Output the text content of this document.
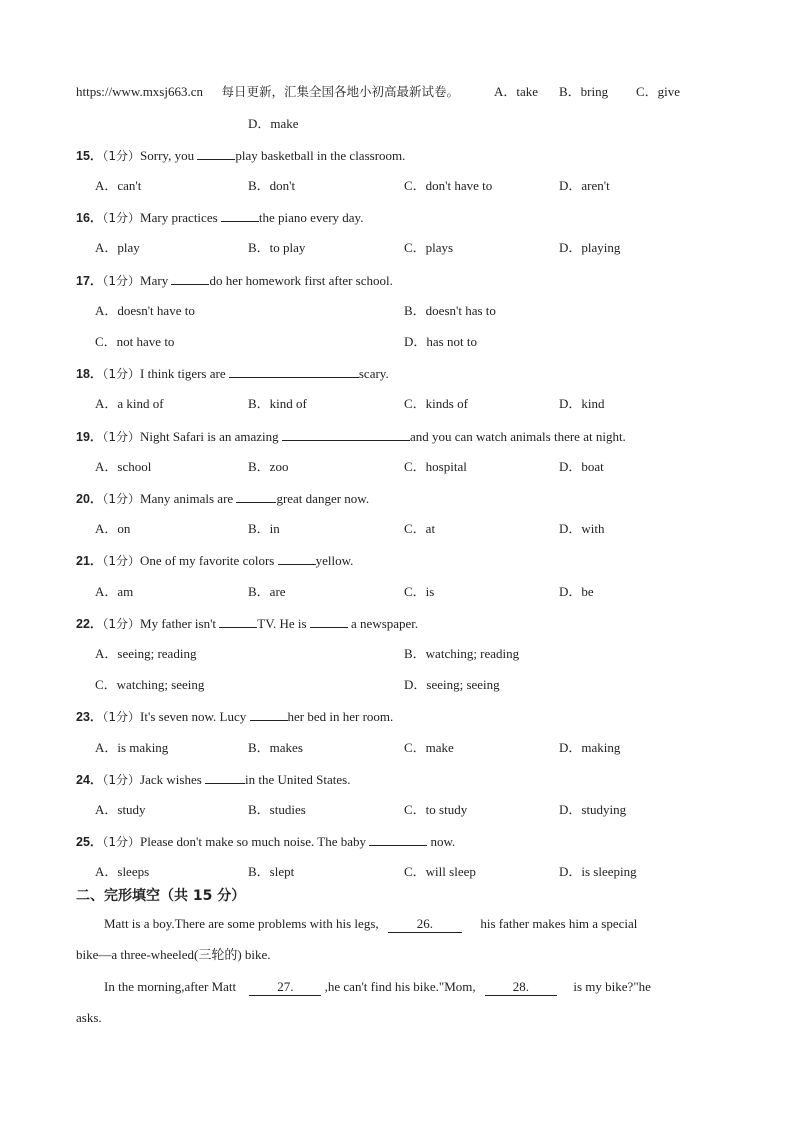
https://www.mxsj663.cn 每日更新，汇集全国各地小初高最新试卷。	A．take B．bring C．give
D．make
15．（1分）Sorry, you	play basketball in the classroom.
A．can't	B．don't	C．don't have to	D．aren't
16．（1分）Mary practices	the piano every day.
A．play	B．to play	C．plays	D．playing
17．（1分）Mary	do her homework first after school.
A．doesn't have to	B．doesn't has to
C．not have to	D．has not to
18．（1分）I think tigers are	scary.
A．a kind of	B．kind of	C．kinds of	D．kind
19．（1分）Night Safari is an amazing	and you can watch animals there at night.
A．school	B．zoo	C．hospital	D．boat
20．（1分）Many animals are	great danger now.
A．on	B．in	C．at	D．with
21．（1分）One of my favorite colors	yellow.
A．am	B．are	C．is	D．be
22．（1分）My father isn't	TV. He is	a newspaper.
A．seeing; reading	B．watching; reading
C．watching; seeing	D．seeing; seeing
23．（1分）It's seven now. Lucy	her bed in her room.
A．is making	B．makes	C．make	D．making
24．（1分）Jack wishes	in the United States.
A．study	B．studies	C．to study	D．studying
25．（1分）Please don't make so much noise. The baby	now.
A．sleeps	B．slept	C．will sleep	D．is sleeping
二、完形填空（共 15 分）
Matt is a boy.There are some problems with his legs,	26.	his father makes him a special
bike—a three-wheeled(三轮的) bike.
In the morning,after Matt	27. ,he can't find his bike."Mom,	28.	is my bike?"he
asks.
